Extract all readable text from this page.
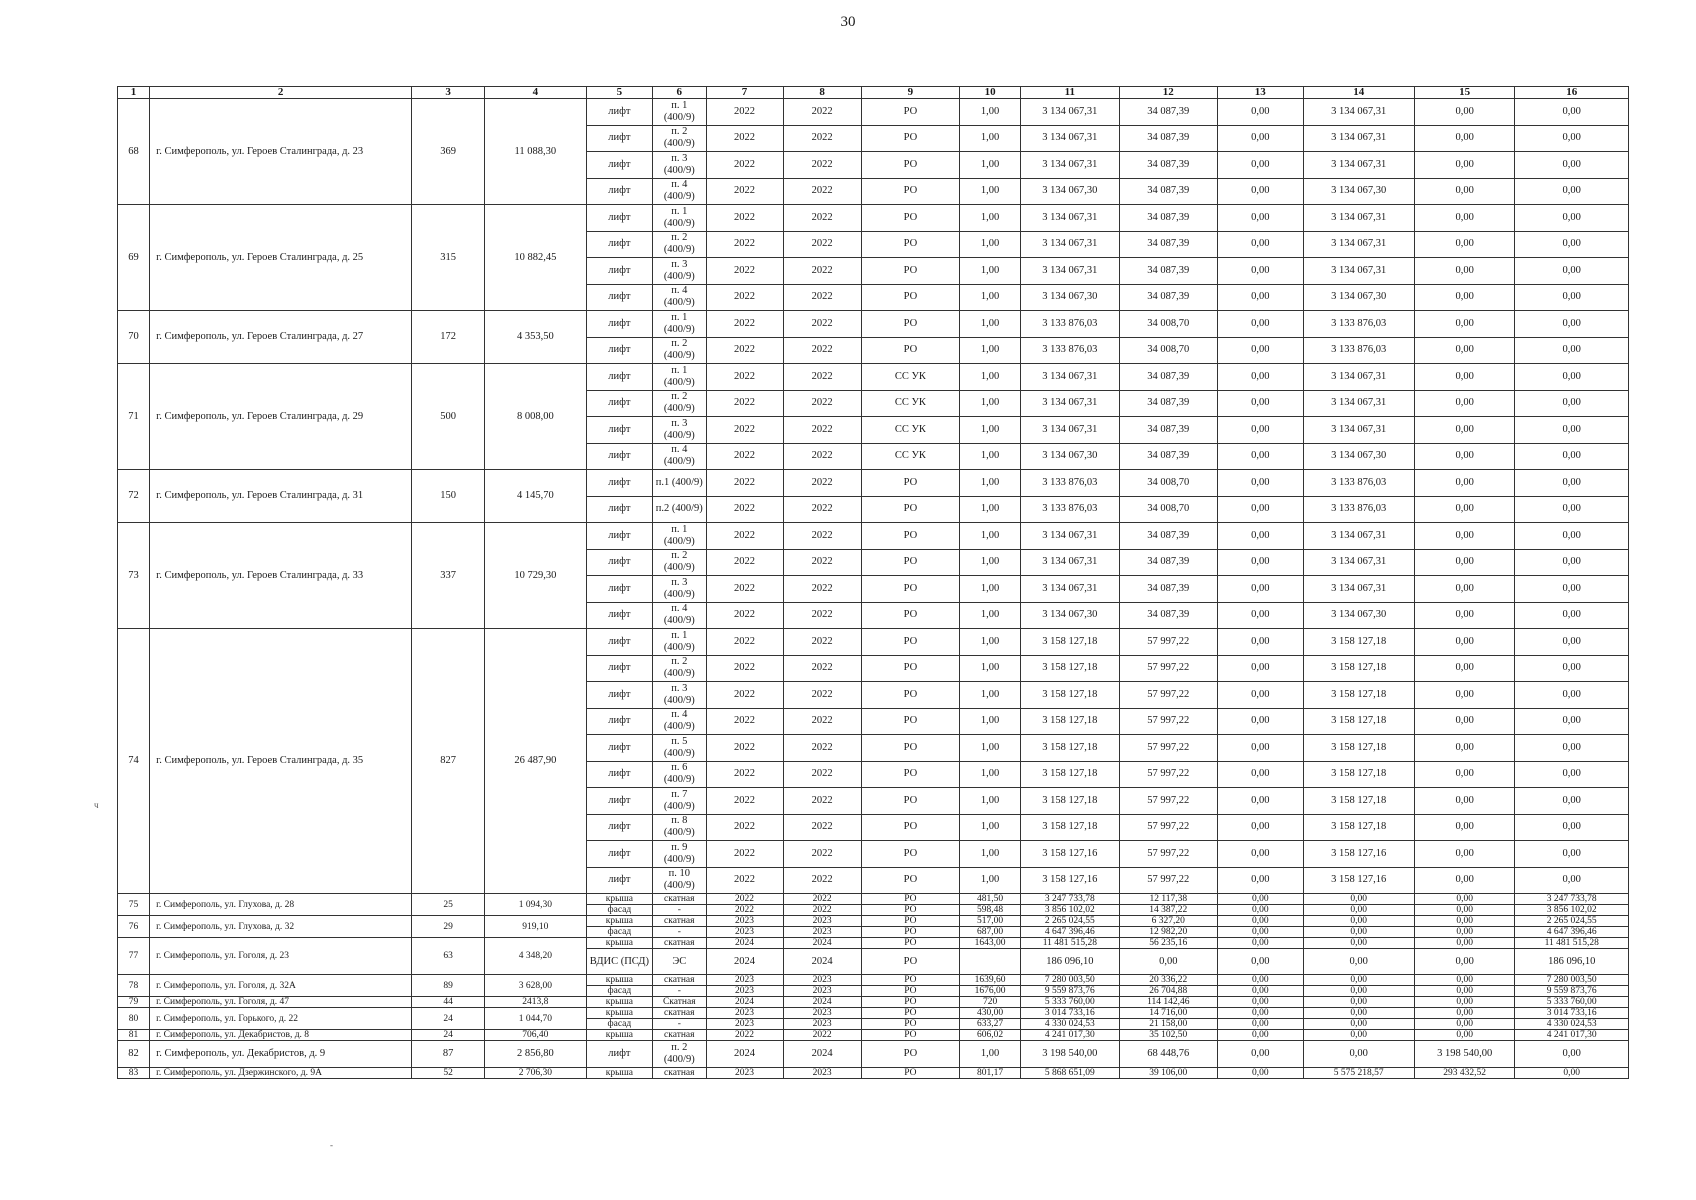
30
1	2	3	4	5	6	7	8	9	10	11	12	13	14	15	16
68	г. Симферополь, ул. Героев Сталинграда, д. 23	369	11 088,30	лифт	п. 1 (400/9)	2022	2022	РО	1,00	3 134 067,31	34 087,39	0,00	3 134 067,31	0,00	0,00
				лифт	п. 2 (400/9)	2022	2022	РО	1,00	3 134 067,31	34 087,39	0,00	3 134 067,31	0,00	0,00
				лифт	п. 3 (400/9)	2022	2022	РО	1,00	3 134 067,31	34 087,39	0,00	3 134 067,31	0,00	0,00
				лифт	п. 4 (400/9)	2022	2022	РО	1,00	3 134 067,30	34 087,39	0,00	3 134 067,30	0,00	0,00
69	г. Симферополь, ул. Героев Сталинграда, д. 25	315	10 882,45	лифт	п. 1 (400/9)	2022	2022	РО	1,00	3 134 067,31	34 087,39	0,00	3 134 067,31	0,00	0,00
				лифт	п. 2 (400/9)	2022	2022	РО	1,00	3 134 067,31	34 087,39	0,00	3 134 067,31	0,00	0,00
				лифт	п. 3 (400/9)	2022	2022	РО	1,00	3 134 067,31	34 087,39	0,00	3 134 067,31	0,00	0,00
				лифт	п. 4 (400/9)	2022	2022	РО	1,00	3 134 067,30	34 087,39	0,00	3 134 067,30	0,00	0,00
70	г. Симферополь, ул. Героев Сталинграда, д. 27	172	4 353,50	лифт	п. 1 (400/9)	2022	2022	РО	1,00	3 133 876,03	34 008,70	0,00	3 133 876,03	0,00	0,00
				лифт	п. 2 (400/9)	2022	2022	РО	1,00	3 133 876,03	34 008,70	0,00	3 133 876,03	0,00	0,00
71	г. Симферополь, ул. Героев Сталинграда, д. 29	500	8 008,00	лифт	п. 1 (400/9)	2022	2022	СС УК	1,00	3 134 067,31	34 087,39	0,00	3 134 067,31	0,00	0,00
				лифт	п. 2 (400/9)	2022	2022	СС УК	1,00	3 134 067,31	34 087,39	0,00	3 134 067,31	0,00	0,00
				лифт	п. 3 (400/9)	2022	2022	СС УК	1,00	3 134 067,31	34 087,39	0,00	3 134 067,31	0,00	0,00
				лифт	п. 4 (400/9)	2022	2022	СС УК	1,00	3 134 067,30	34 087,39	0,00	3 134 067,30	0,00	0,00
72	г. Симферополь, ул. Героев Сталинграда, д. 31	150	4 145,70	лифт	п.1 (400/9)	2022	2022	РО	1,00	3 133 876,03	34 008,70	0,00	3 133 876,03	0,00	0,00
				лифт	п.2 (400/9)	2022	2022	РО	1,00	3 133 876,03	34 008,70	0,00	3 133 876,03	0,00	0,00
73	г. Симферополь, ул. Героев Сталинграда, д. 33	337	10 729,30	лифт	п. 1 (400/9)	2022	2022	РО	1,00	3 134 067,31	34 087,39	0,00	3 134 067,31	0,00	0,00
				лифт	п. 2 (400/9)	2022	2022	РО	1,00	3 134 067,31	34 087,39	0,00	3 134 067,31	0,00	0,00
				лифт	п. 3 (400/9)	2022	2022	РО	1,00	3 134 067,31	34 087,39	0,00	3 134 067,31	0,00	0,00
				лифт	п. 4 (400/9)	2022	2022	РО	1,00	3 134 067,30	34 087,39	0,00	3 134 067,30	0,00	0,00
74	г. Симферополь, ул. Героев Сталинграда, д. 35	827	26 487,90	лифт	п. 1 (400/9)	2022	2022	РО	1,00	3 158 127,18	57 997,22	0,00	3 158 127,18	0,00	0,00
				лифт	п. 2 (400/9)	2022	2022	РО	1,00	3 158 127,18	57 997,22	0,00	3 158 127,18	0,00	0,00
				лифт	п. 3 (400/9)	2022	2022	РО	1,00	3 158 127,18	57 997,22	0,00	3 158 127,18	0,00	0,00
				лифт	п. 4 (400/9)	2022	2022	РО	1,00	3 158 127,18	57 997,22	0,00	3 158 127,18	0,00	0,00
				лифт	п. 5 (400/9)	2022	2022	РО	1,00	3 158 127,18	57 997,22	0,00	3 158 127,18	0,00	0,00
				лифт	п. 6 (400/9)	2022	2022	РО	1,00	3 158 127,18	57 997,22	0,00	3 158 127,18	0,00	0,00
				лифт	п. 7 (400/9)	2022	2022	РО	1,00	3 158 127,18	57 997,22	0,00	3 158 127,18	0,00	0,00
				лифт	п. 8 (400/9)	2022	2022	РО	1,00	3 158 127,18	57 997,22	0,00	3 158 127,18	0,00	0,00
				лифт	п. 9 (400/9)	2022	2022	РО	1,00	3 158 127,16	57 997,22	0,00	3 158 127,16	0,00	0,00
				лифт	п. 10 (400/9)	2022	2022	РО	1,00	3 158 127,16	57 997,22	0,00	3 158 127,16	0,00	0,00
75	г. Симферополь, ул. Глухова, д. 28	25	1 094,30	крыша	скатная	2022	2022	РО	481,50	3 247 733,78	12 117,38	0,00	0,00	0,00	3 247 733,78
				фасад	-	2022	2022	РО	598,48	3 856 102,02	14 387,22	0,00	0,00	0,00	3 856 102,02
76	г. Симферополь, ул. Глухова, д. 32	29	919,10	крыша	скатная	2023	2023	РО	517,00	2 265 024,55	6 327,20	0,00	0,00	0,00	2 265 024,55
				фасад	-	2023	2023	РО	687,00	4 647 396,46	12 982,20	0,00	0,00	0,00	4 647 396,46
77	г. Симферополь, ул. Гоголя, д. 23	63	4 348,20	крыша	скатная	2024	2024	РО	1643,00	11 481 515,28	56 235,16	0,00	0,00	0,00	11 481 515,28
				ВДИС (ПСД)	ЭС	2024	2024	РО		186 096,10	0,00	0,00	0,00	0,00	186 096,10
78	г. Симферополь, ул. Гоголя, д. 32А	89	3 628,00	крыша	скатная	2023	2023	РО	1639,60	7 280 003,50	20 336,22	0,00	0,00	0,00	7 280 003,50
				фасад	-	2023	2023	РО	1676,00	9 559 873,76	26 704,88	0,00	0,00	0,00	9 559 873,76
79	г. Симферополь, ул. Гоголя, д. 47	44	2413,8	крыша	Скатная	2024	2024	РО	720	5 333 760,00	114 142,46	0,00	0,00	0,00	5 333 760,00
80	г. Симферополь, ул. Горького, д. 22	24	1 044,70	крыша	скатная	2023	2023	РО	430,00	3 014 733,16	14 716,00	0,00	0,00	0,00	3 014 733,16
				фасад	-	2023	2023	РО	633,27	4 330 024,53	21 158,00	0,00	0,00	0,00	4 330 024,53
81	г. Симферополь, ул. Декабристов, д. 8	24	706,40	крыша	скатная	2022	2022	РО	606,02	4 241 017,30	35 102,50	0,00	0,00	0,00	4 241 017,30
82	г. Симферополь, ул. Декабристов, д. 9	87	2 856,80	лифт	п. 2 (400/9)	2024	2024	РО	1,00	3 198 540,00	68 448,76	0,00	0,00	3 198 540,00	0,00
83	г. Симферополь, ул. Дзержинского, д. 9А	52	2 706,30	крыша	скатная	2023	2023	РО	801,17	5 868 651,09	39 106,00	0,00	5 575 218,57	293 432,52	0,00
ч
-
